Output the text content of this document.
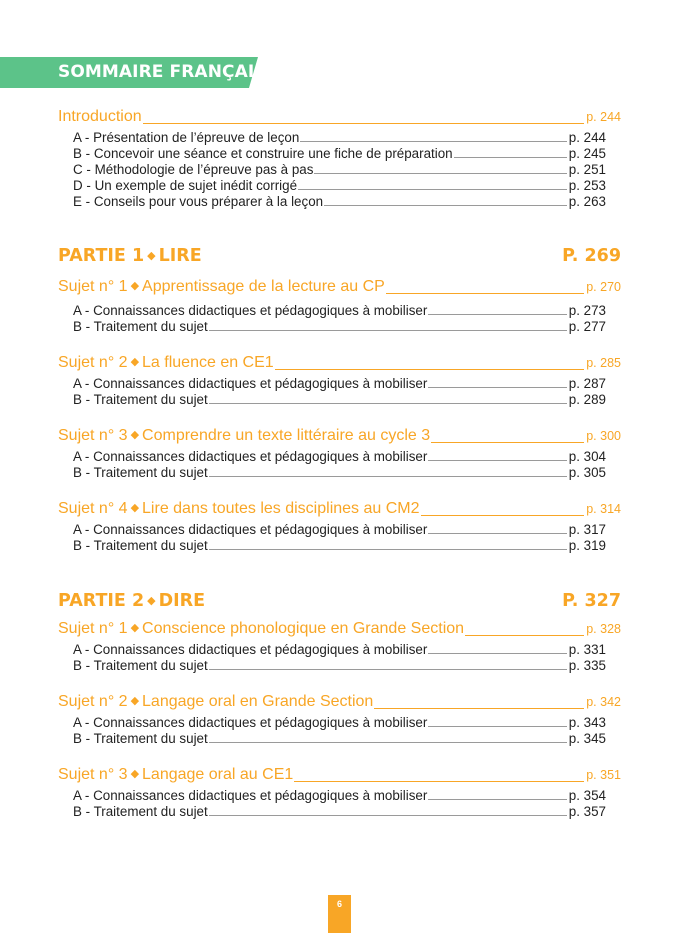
SOMMAIRE FRANÇAIS
Introduction	p. 244
A - Présentation de l’épreuve de leçon	p. 244
B - Concevoir une séance et construire une fiche de préparation	p. 245
C - Méthodologie de l’épreuve pas à pas	p. 251
D - Un exemple de sujet inédit corrigé	p. 253
E - Conseils pour vous préparer à la leçon	p. 263
PARTIE 1 ◆ LIRE	P. 269
Sujet n° 1 ◆ Apprentissage de la lecture au CP	p. 270
A - Connaissances didactiques et pédagogiques à mobiliser	p. 273
B - Traitement du sujet	p. 277
Sujet n° 2 ◆ La fluence en CE1	p. 285
A - Connaissances didactiques et pédagogiques à mobiliser	p. 287
B - Traitement du sujet	p. 289
Sujet n° 3 ◆ Comprendre un texte littéraire au cycle 3	p. 300
A - Connaissances didactiques et pédagogiques à mobiliser	p. 304
B - Traitement du sujet	p. 305
Sujet n° 4 ◆ Lire dans toutes les disciplines au CM2	p. 314
A - Connaissances didactiques et pédagogiques à mobiliser	p. 317
B - Traitement du sujet	p. 319
PARTIE 2 ◆ DIRE	P. 327
Sujet n° 1 ◆ Conscience phonologique en Grande Section	p. 328
A - Connaissances didactiques et pédagogiques à mobiliser	p. 331
B - Traitement du sujet	p. 335
Sujet n° 2 ◆ Langage oral en Grande Section	p. 342
A - Connaissances didactiques et pédagogiques à mobiliser	p. 343
B - Traitement du sujet	p. 345
Sujet n° 3 ◆ Langage oral au CE1	p. 351
A - Connaissances didactiques et pédagogiques à mobiliser	p. 354
B - Traitement du sujet	p. 357
6
